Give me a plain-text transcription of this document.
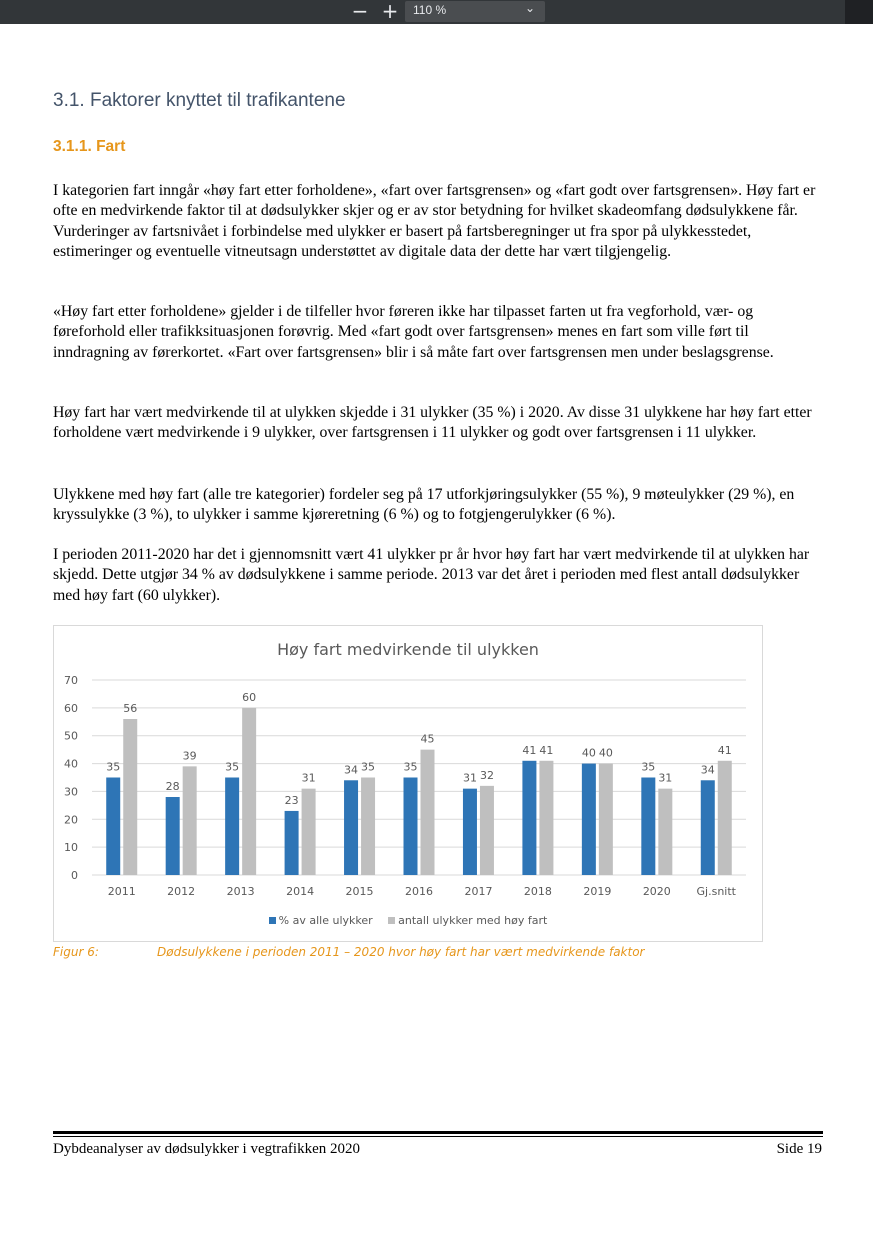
− +	110 %	⌄
3.1. Faktorer knyttet til trafikantene
3.1.1. Fart
I kategorien fart inngår «høy fart etter forholdene», «fart over fartsgrensen» og «fart godt over fartsgrensen». Høy fart er ofte en medvirkende faktor til at dødsulykker skjer og er av stor betydning for hvilket skadeomfang dødsulykkene får. Vurderinger av fartsnivået i forbindelse med ulykker er basert på fartsberegninger ut fra spor på ulykkesstedet, estimeringer og eventuelle vitneutsagn understøttet av digitale data der dette har vært tilgjengelig.
«Høy fart etter forholdene» gjelder i de tilfeller hvor føreren ikke har tilpasset farten ut fra vegforhold, vær- og føreforhold eller trafikksituasjonen forøvrig. Med «fart godt over fartsgrensen» menes en fart som ville ført til inndragning av førerkortet. «Fart over fartsgrensen» blir i så måte fart over fartsgrensen men under beslagsgrense.
Høy fart har vært medvirkende til at ulykken skjedde i 31 ulykker (35 %) i 2020. Av disse 31 ulykkene har høy fart etter forholdene vært medvirkende i 9 ulykker, over fartsgrensen i 11 ulykker og godt over fartsgrensen i 11 ulykker.
Ulykkene med høy fart (alle tre kategorier) fordeler seg på 17 utforkjøringsulykker (55 %), 9 møteulykker (29 %), en kryssulykke (3 %), to ulykker i samme kjøreretning (6 %) og to fotgjengerulykker (6 %).
I perioden 2011-2020 har det i gjennomsnitt vært 41 ulykker pr år hvor høy fart har vært medvirkende til at ulykken har skjedd. Dette utgjør 34 % av dødsulykkene i samme periode. 2013 var det året i perioden med flest antall dødsulykker med høy fart (60 ulykker).
Høy fart medvirkende til ulykken
0
10
20
30
40
50
60
70
2011
35
56
2012
28
39
2013
35
60
2014
23
31
2015
34 35
2016
35
45
2017
31 32
2018
41 41
2019
40 40
2020
35
31
Gj.snitt
34
41
% av alle ulykker antall ulykker med høy fart
Figur 6:	Dødsulykkene i perioden 2011 – 2020 hvor høy fart har vært medvirkende faktor
Dybdeanalyser av dødsulykker i vegtrafikken 2020	Side 19
